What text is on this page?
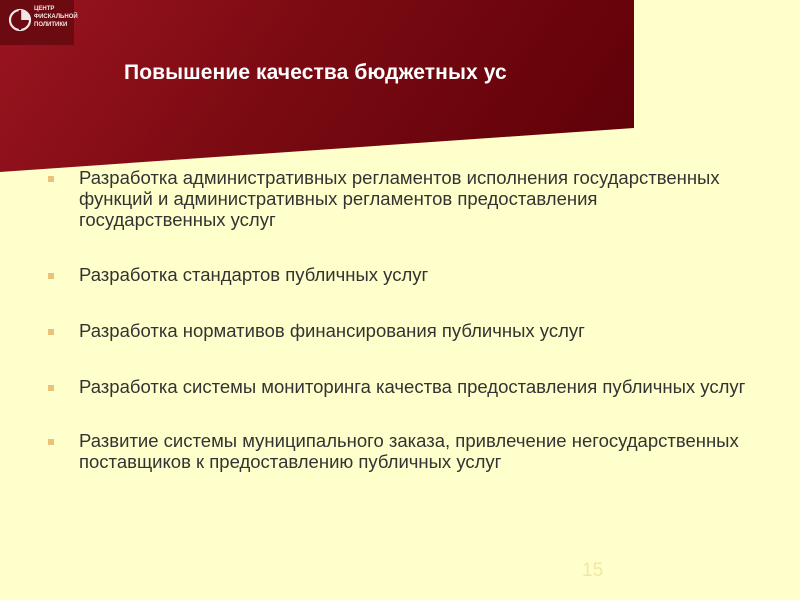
ЦЕНТР
ФИСКАЛЬНОЙ
ПОЛИТИКИ
Повышение качества бюджетных ус
Разработка административных регламентов исполнения государственных функций и административных регламентов предоставления государственных услуг
Разработка стандартов публичных услуг
Разработка нормативов финансирования публичных услуг
Разработка системы мониторинга качества предоставления публичных услуг
Развитие системы муниципального заказа, привлечение негосударственных поставщиков к предоставлению публичных услуг
15
